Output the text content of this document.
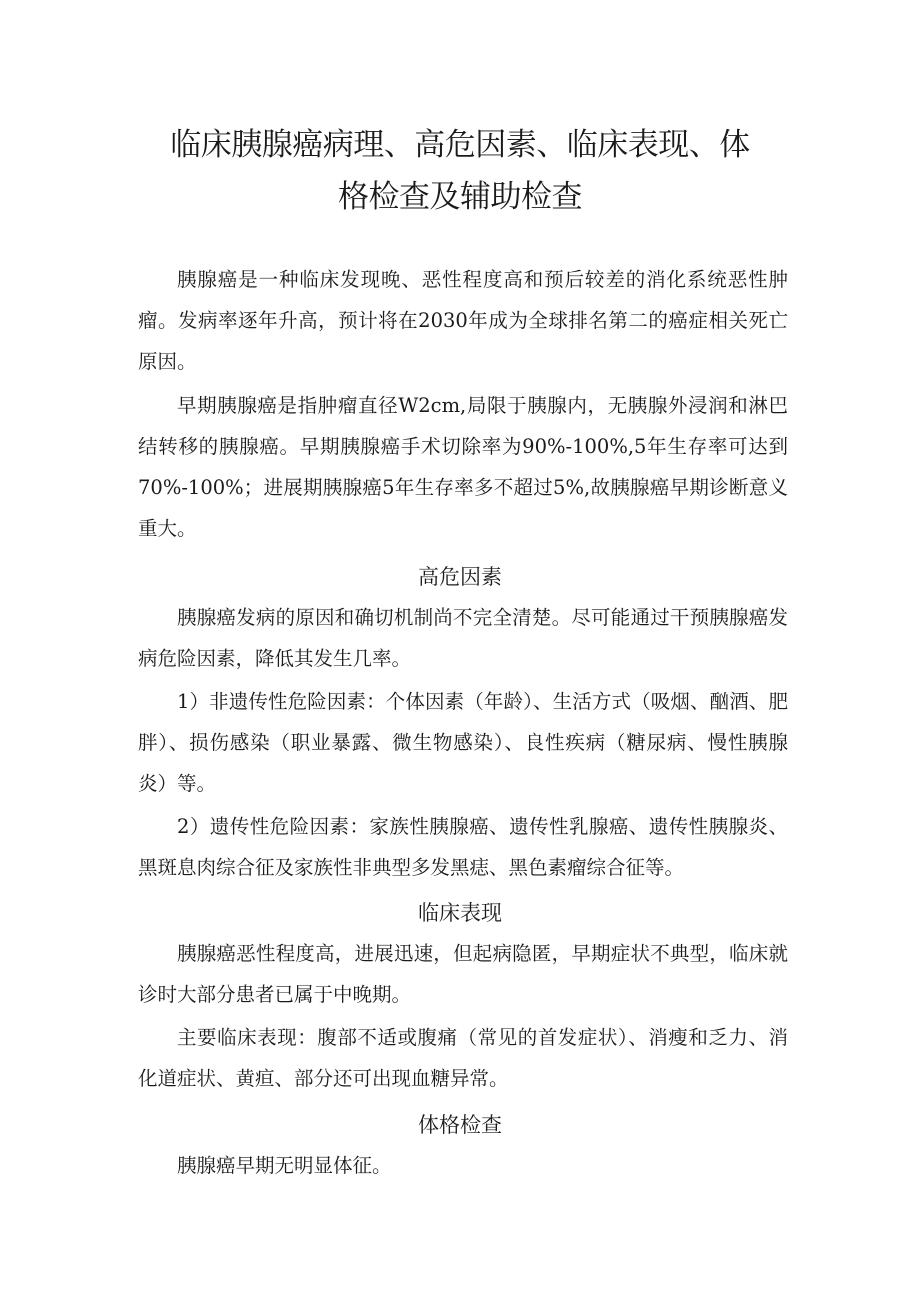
临床胰腺癌病理、高危因素、临床表现、体
格检查及辅助检查

胰腺癌是一种临床发现晚、恶性程度高和预后较差的消化系统恶性肿瘤。发病率逐年升高，预计将在2030年成为全球排名第二的癌症相关死亡原因。

早期胰腺癌是指肿瘤直径W2cm,局限于胰腺内，无胰腺外浸润和淋巴结转移的胰腺癌。早期胰腺癌手术切除率为90%-100%,5年生存率可达到70%-100%；进展期胰腺癌5年生存率多不超过5%,故胰腺癌早期诊断意义重大。

高危因素

胰腺癌发病的原因和确切机制尚不完全清楚。尽可能通过干预胰腺癌发病危险因素，降低其发生几率。

1）非遗传性危险因素：个体因素（年龄）、生活方式（吸烟、酗酒、肥胖）、损伤感染（职业暴露、微生物感染）、良性疾病（糖尿病、慢性胰腺炎）等。

2）遗传性危险因素：家族性胰腺癌、遗传性乳腺癌、遗传性胰腺炎、黑斑息肉综合征及家族性非典型多发黑痣、黑色素瘤综合征等。

临床表现

胰腺癌恶性程度高，进展迅速，但起病隐匿，早期症状不典型，临床就诊时大部分患者已属于中晚期。

主要临床表现：腹部不适或腹痛（常见的首发症状）、消瘦和乏力、消化道症状、黄疸、部分还可出现血糖异常。

体格检查

胰腺癌早期无明显体征。
